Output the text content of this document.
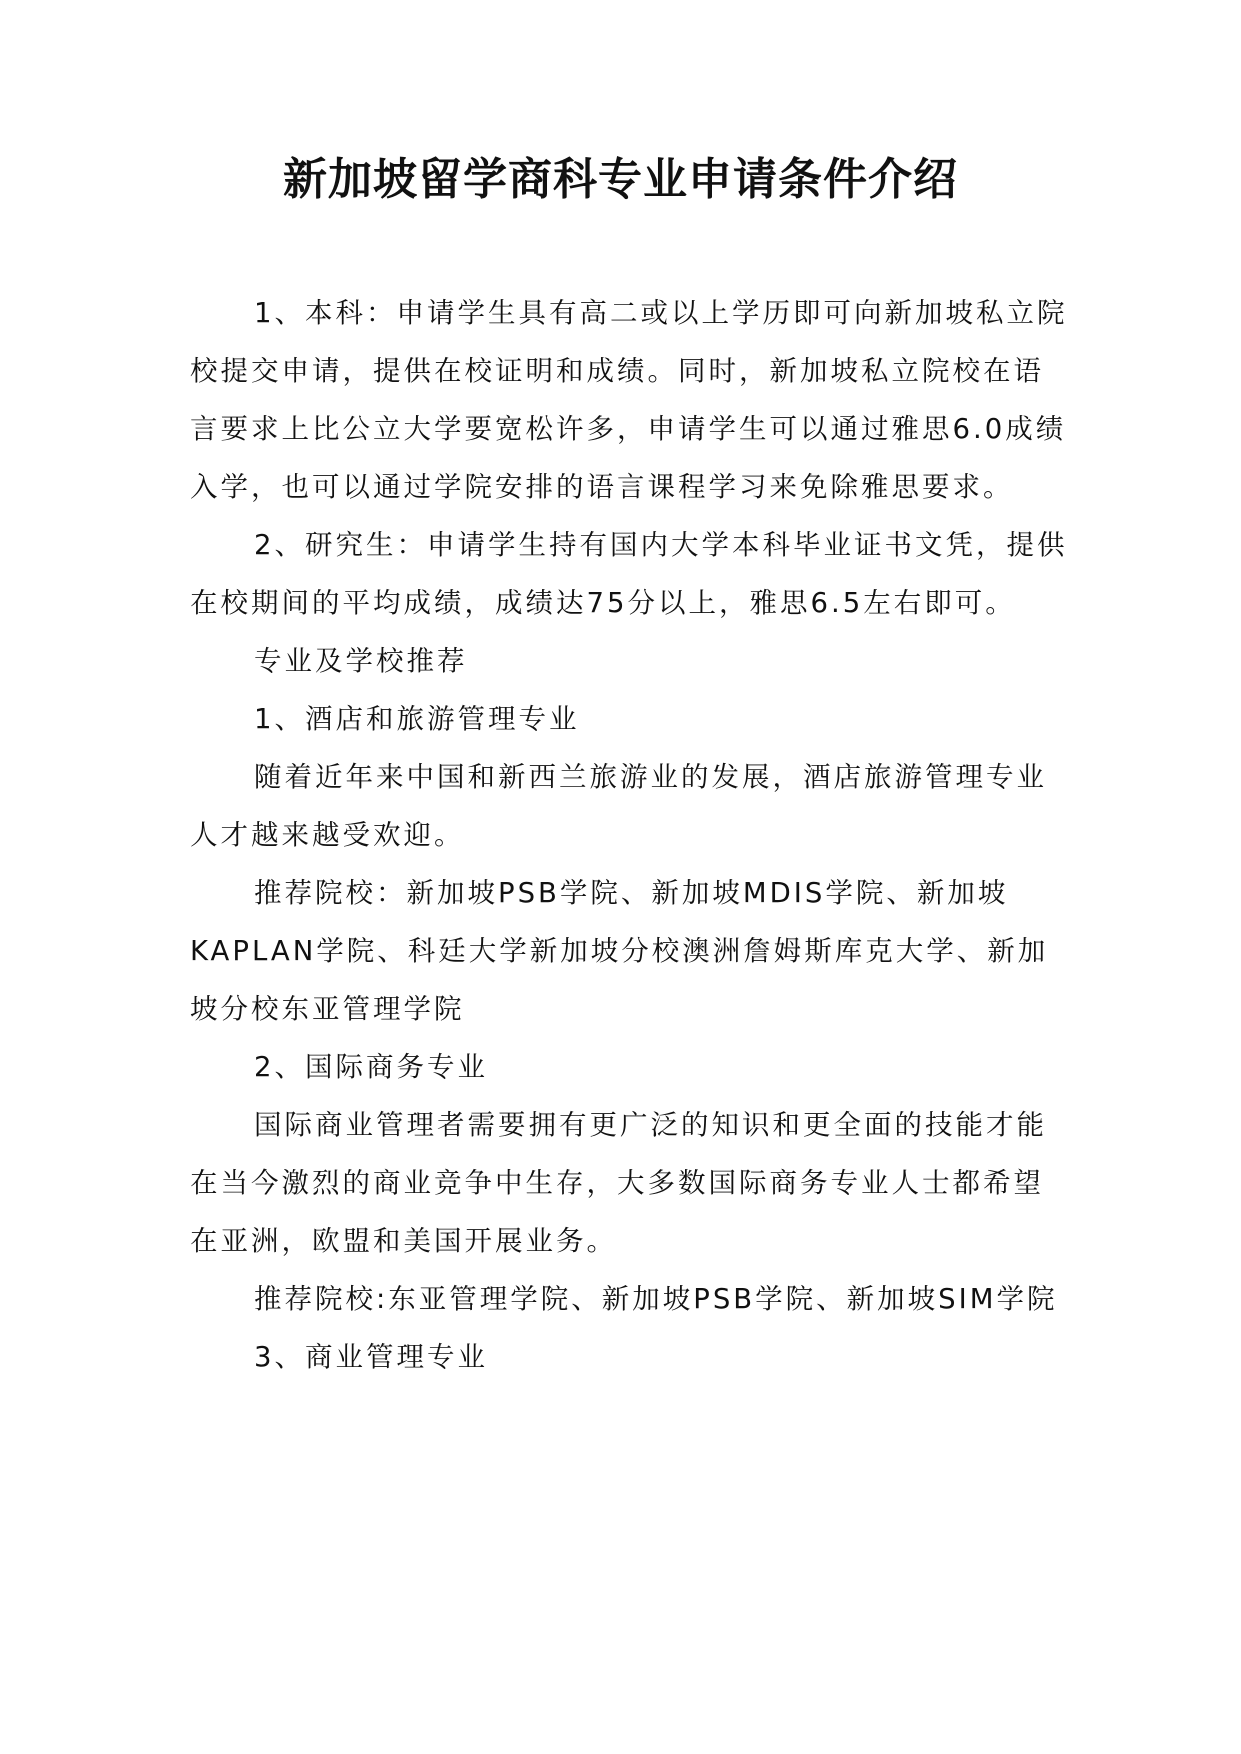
新加坡留学商科专业申请条件介绍

1、本科：申请学生具有高二或以上学历即可向新加坡私立院校提交申请，提供在校证明和成绩。同时，新加坡私立院校在语言要求上比公立大学要宽松许多，申请学生可以通过雅思6.0成绩入学，也可以通过学院安排的语言课程学习来免除雅思要求。

2、研究生：申请学生持有国内大学本科毕业证书文凭，提供在校期间的平均成绩，成绩达75分以上，雅思6.5左右即可。

专业及学校推荐

1、酒店和旅游管理专业

随着近年来中国和新西兰旅游业的发展，酒店旅游管理专业人才越来越受欢迎。

推荐院校：新加坡PSB学院、新加坡MDIS学院、新加坡KAPLAN学院、科廷大学新加坡分校澳洲詹姆斯库克大学、新加坡分校东亚管理学院

2、国际商务专业

国际商业管理者需要拥有更广泛的知识和更全面的技能才能在当今激烈的商业竞争中生存，大多数国际商务专业人士都希望在亚洲，欧盟和美国开展业务。

推荐院校:东亚管理学院、新加坡PSB学院、新加坡SIM学院

3、商业管理专业
